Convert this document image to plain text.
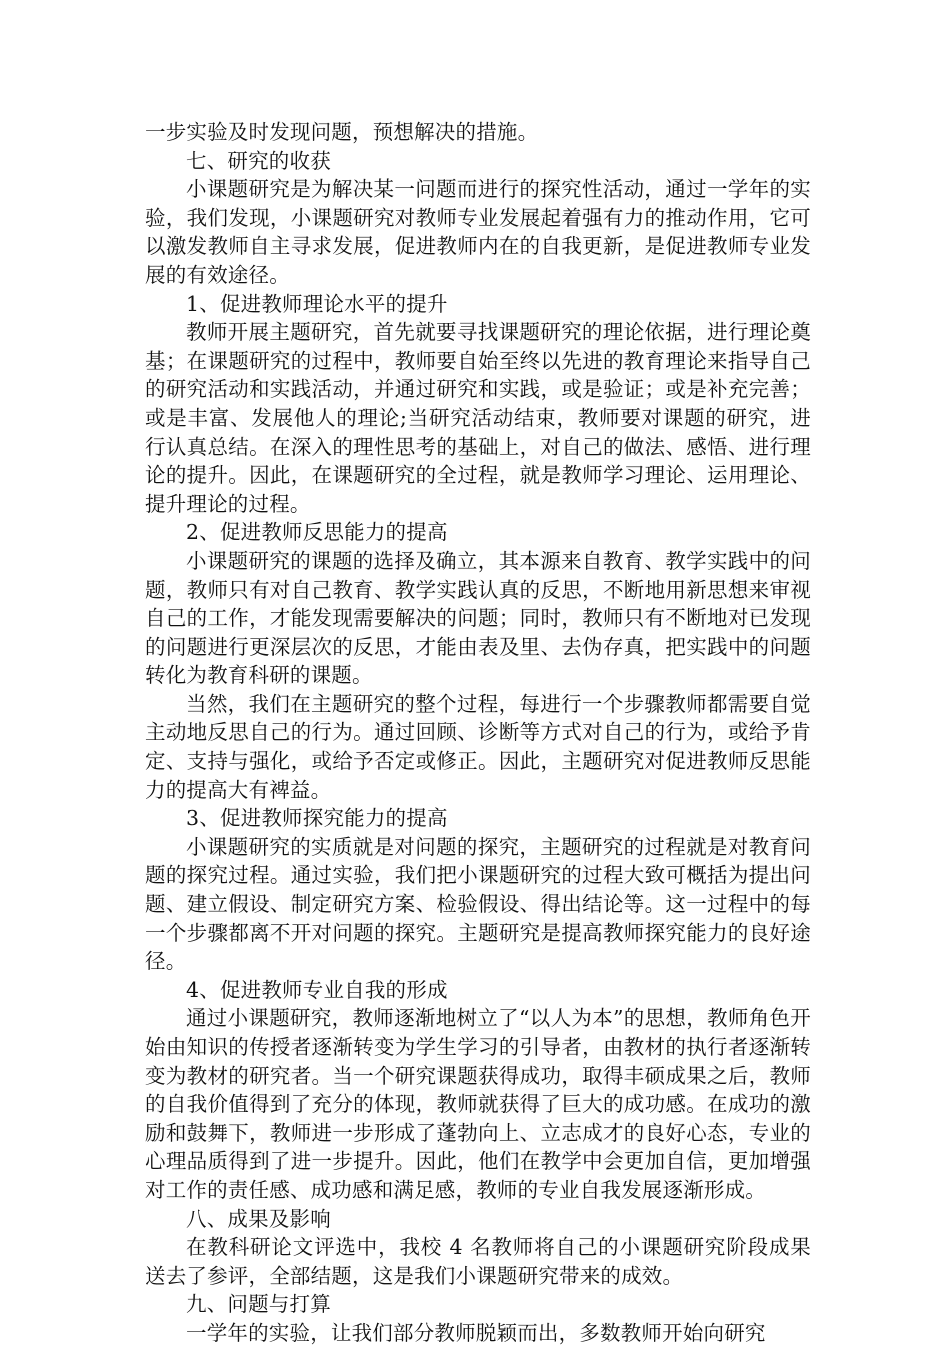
一步实验及时发现问题，预想解决的措施。

七、研究的收获

小课题研究是为解决某一问题而进行的探究性活动，通过一学年的实验，我们发现，小课题研究对教师专业发展起着强有力的推动作用，它可以激发教师自主寻求发展，促进教师内在的自我更新，是促进教师专业发展的有效途径。

1、促进教师理论水平的提升

教师开展主题研究，首先就要寻找课题研究的理论依据，进行理论奠基；在课题研究的过程中，教师要自始至终以先进的教育理论来指导自己的研究活动和实践活动，并通过研究和实践，或是验证；或是补充完善；或是丰富、发展他人的理论;当研究活动结束，教师要对课题的研究，进行认真总结。在深入的理性思考的基础上，对自己的做法、感悟、进行理论的提升。因此，在课题研究的全过程，就是教师学习理论、运用理论、提升理论的过程。

2、促进教师反思能力的提高

小课题研究的课题的选择及确立，其本源来自教育、教学实践中的问题，教师只有对自己教育、教学实践认真的反思，不断地用新思想来审视自己的工作，才能发现需要解决的问题；同时，教师只有不断地对已发现的问题进行更深层次的反思，才能由表及里、去伪存真，把实践中的问题转化为教育科研的课题。

当然，我们在主题研究的整个过程，每进行一个步骤教师都需要自觉主动地反思自己的行为。通过回顾、诊断等方式对自己的行为，或给予肯定、支持与强化，或给予否定或修正。因此，主题研究对促进教师反思能力的提高大有裨益。

3、促进教师探究能力的提高

小课题研究的实质就是对问题的探究，主题研究的过程就是对教育问题的探究过程。通过实验，我们把小课题研究的过程大致可概括为提出问题、建立假设、制定研究方案、检验假设、得出结论等。这一过程中的每一个步骤都离不开对问题的探究。主题研究是提高教师探究能力的良好途径。

4、促进教师专业自我的形成

通过小课题研究，教师逐渐地树立了“以人为本”的思想，教师角色开始由知识的传授者逐渐转变为学生学习的引导者，由教材的执行者逐渐转变为教材的研究者。当一个研究课题获得成功，取得丰硕成果之后，教师的自我价值得到了充分的体现，教师就获得了巨大的成功感。在成功的激励和鼓舞下，教师进一步形成了蓬勃向上、立志成才的良好心态，专业的心理品质得到了进一步提升。因此，他们在教学中会更加自信，更加增强对工作的责任感、成功感和满足感，教师的专业自我发展逐渐形成。

八、成果及影响

在教科研论文评选中，我校 4 名教师将自己的小课题研究阶段成果送去了参评，全部结题，这是我们小课题研究带来的成效。

九、问题与打算

一学年的实验，让我们部分教师脱颖而出，多数教师开始向研究
